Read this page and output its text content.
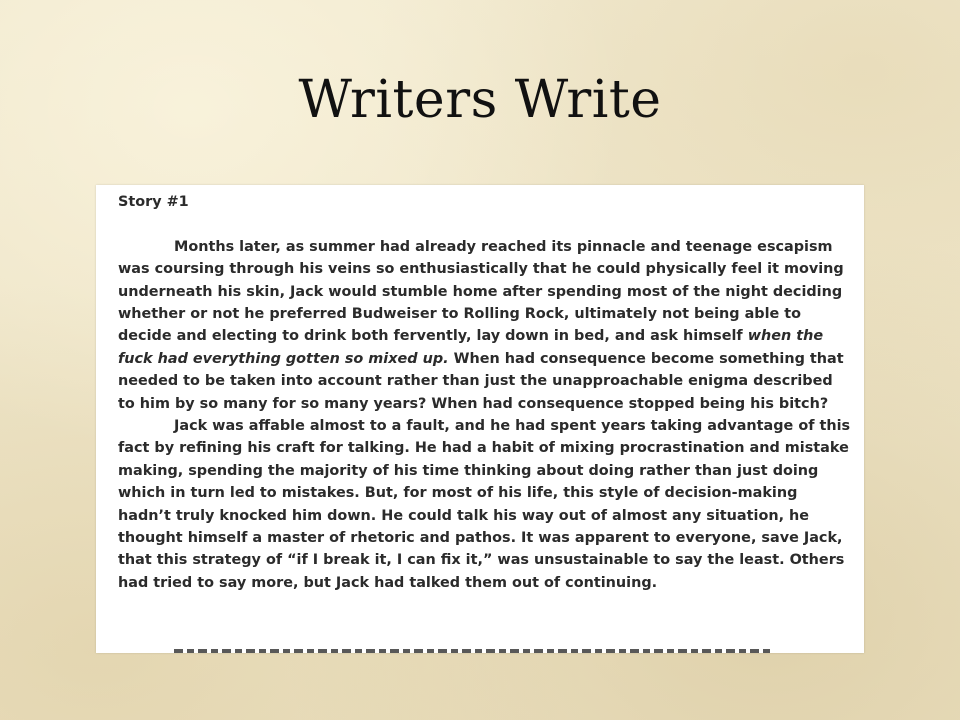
Writers Write
Story #1
Months later, as summer had already reached its pinnacle and teenage escapism was coursing through his veins so enthusiastically that he could physically feel it moving underneath his skin, Jack would stumble home after spending most of the night deciding whether or not he preferred Budweiser to Rolling Rock, ultimately not being able to decide and electing to drink both fervently, lay down in bed, and ask himself when the fuck had everything gotten so mixed up. When had consequence become something that needed to be taken into account rather than just the unapproachable enigma described to him by so many for so many years? When had consequence stopped being his bitch?
Jack was affable almost to a fault, and he had spent years taking advantage of this fact by refining his craft for talking. He had a habit of mixing procrastination and mistake making, spending the majority of his time thinking about doing rather than just doing which in turn led to mistakes. But, for most of his life, this style of decision-making hadn’t truly knocked him down. He could talk his way out of almost any situation, he thought himself a master of rhetoric and pathos. It was apparent to everyone, save Jack, that this strategy of “if I break it, I can fix it,” was unsustainable to say the least. Others had tried to say more, but Jack had talked them out of continuing.
